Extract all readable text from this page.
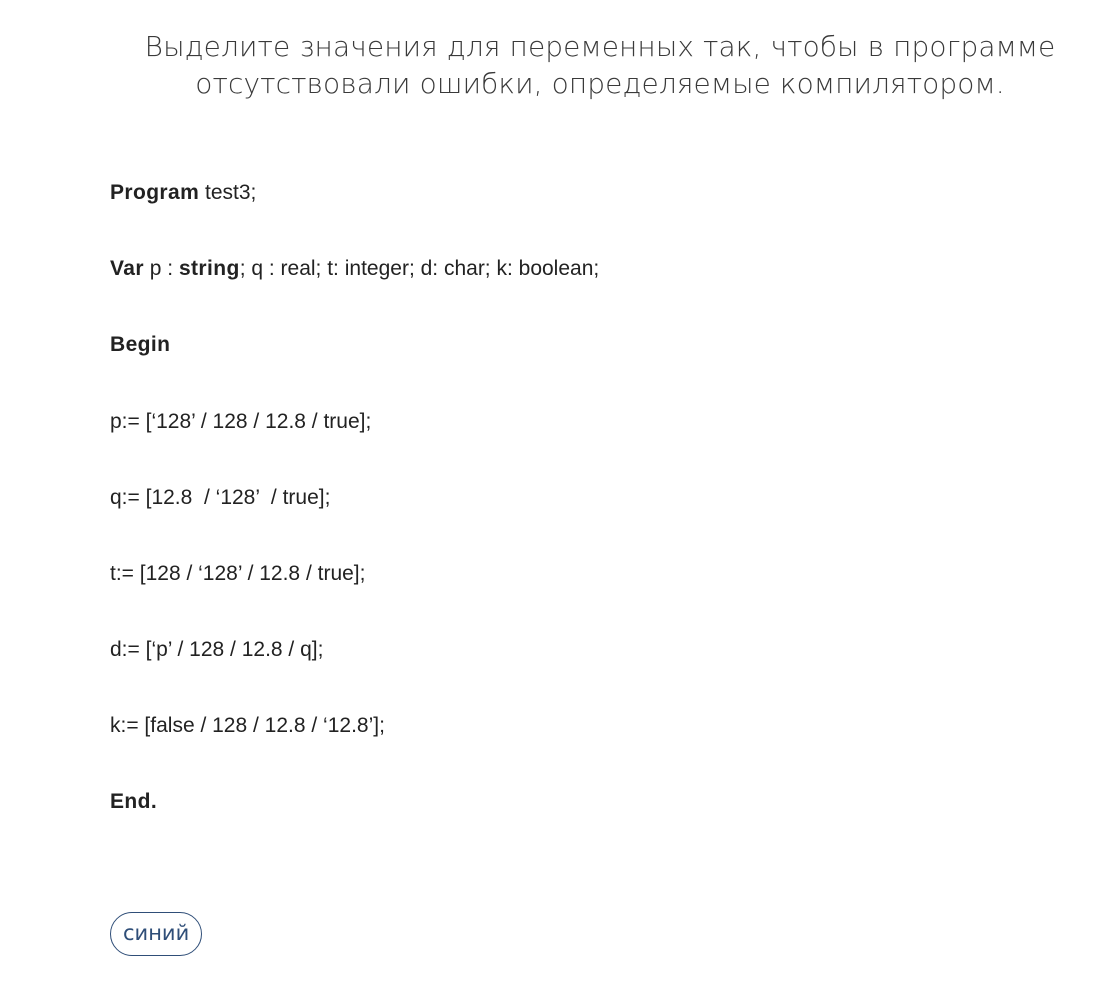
Выделите значения для переменных так, чтобы в программе
отсутствовали ошибки, определяемые компилятором.
Program test3;
Var p : string; q : real; t: integer; d: char; k: boolean;
Begin
p:= [‘128’ / 128 / 12.8 / true];
q:= [12.8  / ‘128’  / true];
t:= [128 / ‘128’ / 12.8 / true];
d:= [‘p’ / 128 / 12.8 / q];
k:= [false / 128 / 12.8 / ‘12.8’];
End.
синий
